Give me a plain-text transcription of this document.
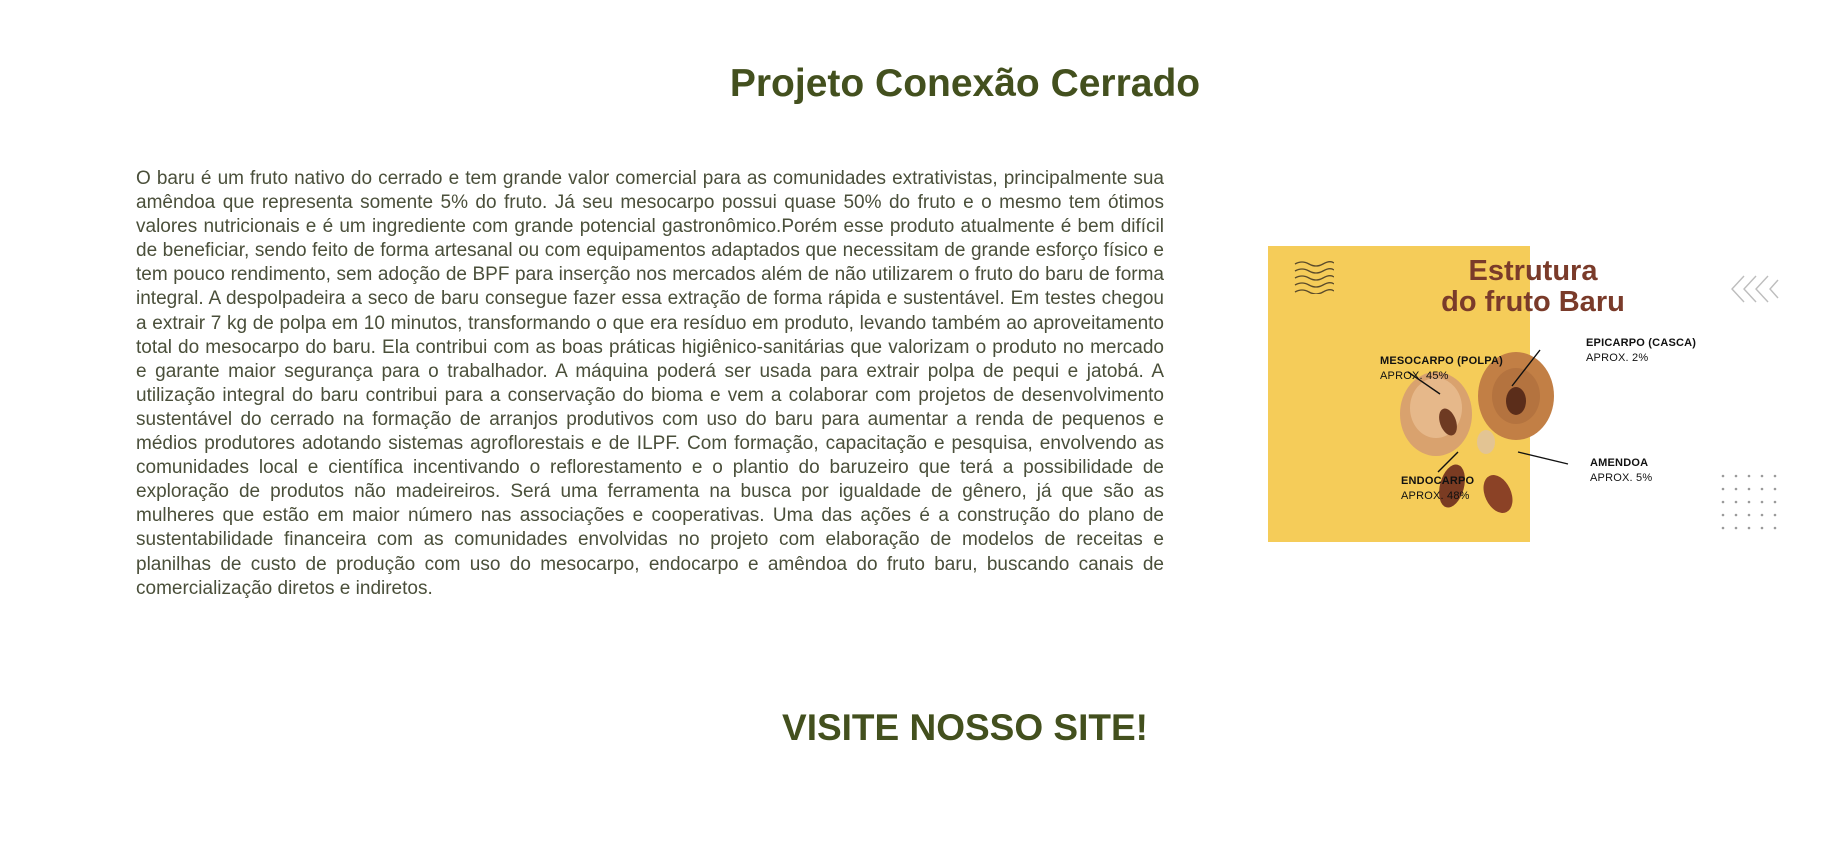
Projeto Conexão Cerrado

O baru é um fruto nativo do cerrado e tem grande valor comercial para as comunidades extrativistas, principalmente sua amêndoa que representa somente 5% do fruto. Já seu mesocarpo possui quase 50% do fruto e o mesmo tem ótimos valores nutricionais e é um ingrediente com grande potencial gastronômico.Porém esse produto atualmente é bem difícil de beneficiar, sendo feito de forma artesanal ou com equipamentos adaptados que necessitam de grande esforço físico e tem pouco rendimento, sem adoção de BPF para inserção nos mercados além de não utilizarem o fruto do baru de forma integral. A despolpadeira a seco de baru consegue fazer essa extração de forma rápida e sustentável. Em testes chegou a extrair 7 kg de polpa em 10 minutos, transformando o que era resíduo em produto, levando também ao aproveitamento total do mesocarpo do baru. Ela contribui com as boas práticas higiênico-sanitárias que valorizam o produto no mercado e garante maior segurança para o trabalhador. A máquina poderá ser usada para extrair polpa de pequi e jatobá. A utilização integral do baru contribui para a conservação do bioma e vem a colaborar com projetos de desenvolvimento sustentável do cerrado na formação de arranjos produtivos com uso do baru para aumentar a renda de pequenos e médios produtores adotando sistemas agroflorestais e de ILPF. Com formação, capacitação e pesquisa, envolvendo as comunidades local e científica incentivando o reflorestamento e o plantio do baruzeiro que terá a possibilidade de exploração de produtos não madeireiros. Será uma ferramenta na busca por igualdade de gênero, já que são as mulheres que estão em maior número nas associações e cooperativas. Uma das ações é a construção do plano de sustentabilidade financeira com as comunidades envolvidas no projeto com elaboração de modelos de receitas e planilhas de custo de produção com uso do mesocarpo, endocarpo e amêndoa do fruto baru, buscando canais de comercialização diretos e indiretos.

Estrutura
do fruto Baru
MESOCARPO (POLPA)
APROX. 45%
EPICARPO (CASCA)
APROX. 2%
ENDOCARPO
APROX. 48%
AMENDOA
APROX. 5%
VISITE NOSSO SITE!
